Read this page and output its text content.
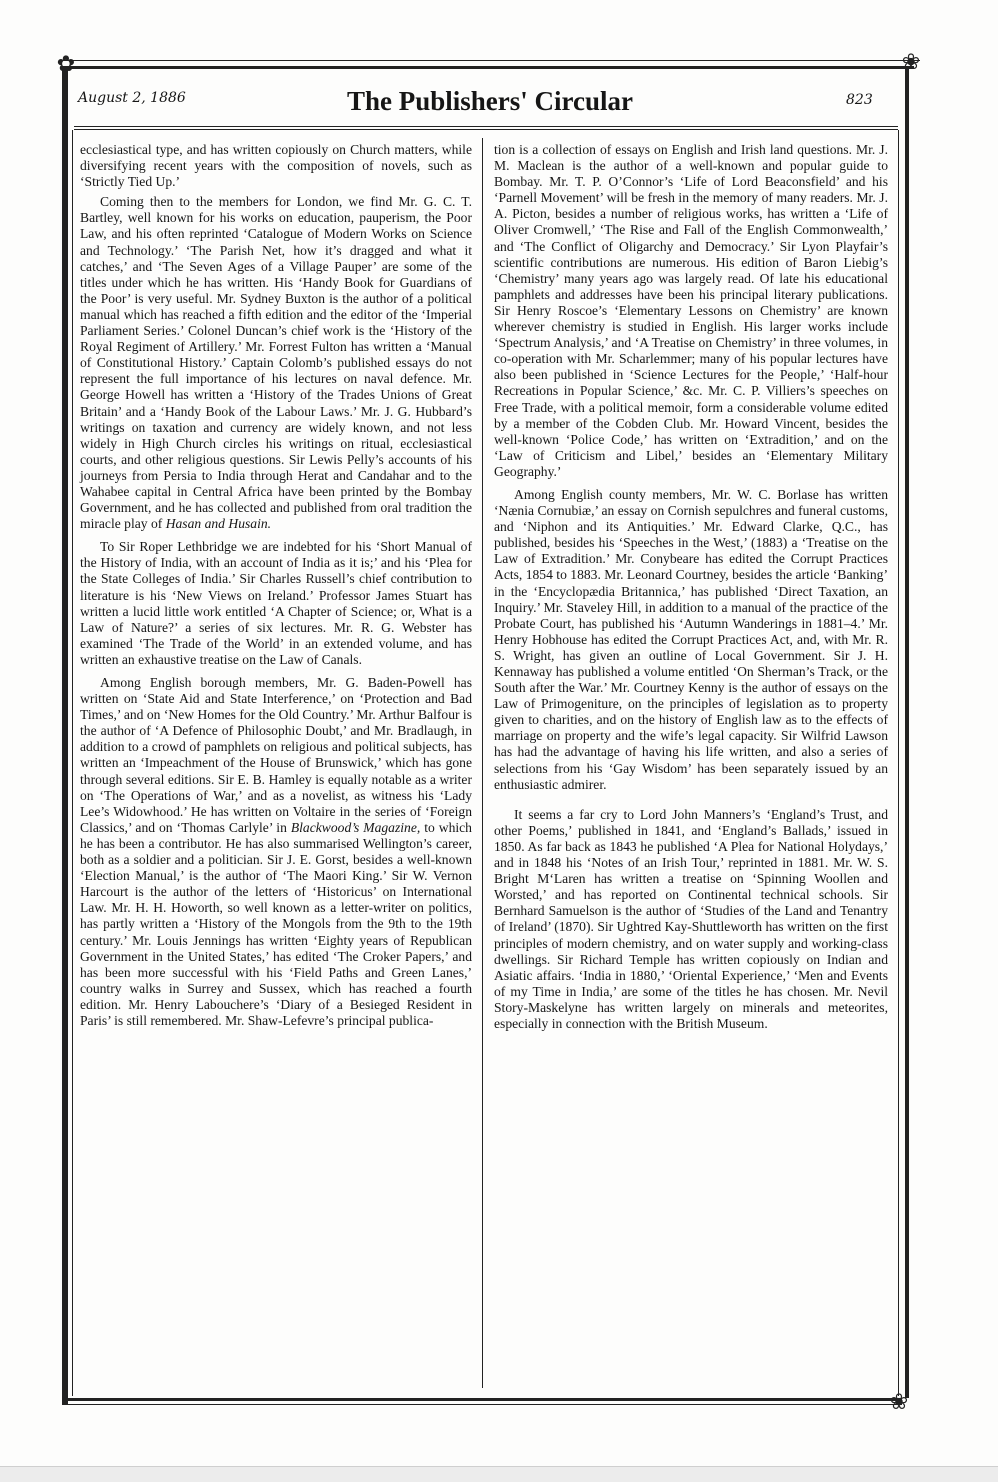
✿	❀
❀
August 2, 1886	The Publishers' Circular	823

ecclesiastical type, and has written copiously on Church matters, while diversifying recent years with the composition of novels, such as ‘Strictly Tied Up.’

Coming then to the members for London, we find Mr. G. C. T. Bartley, well known for his works on education, pauperism, the Poor Law, and his often reprinted ‘Catalogue of Modern Works on Science and Technology.’ ‘The Parish Net, how it’s dragged and what it catches,’ and ‘The Seven Ages of a Village Pauper’ are some of the titles under which he has written. His ‘Handy Book for Guardians of the Poor’ is very useful. Mr. Sydney Buxton is the author of a political manual which has reached a fifth edition and the editor of the ‘Imperial Parliament Series.’ Colonel Duncan’s chief work is the ‘History of the Royal Regiment of Artillery.’ Mr. Forrest Fulton has written a ‘Manual of Constitutional History.’ Captain Colomb’s published essays do not represent the full importance of his lectures on naval defence. Mr. George Howell has written a ‘History of the Trades Unions of Great Britain’ and a ‘Handy Book of the Labour Laws.’ Mr. J. G. Hubbard’s writings on taxation and currency are widely known, and not less widely in High Church circles his writings on ritual, ecclesiastical courts, and other religious questions. Sir Lewis Pelly’s accounts of his journeys from Persia to India through Herat and Candahar and to the Wahabee capital in Central Africa have been printed by the Bombay Government, and he has collected and published from oral tradition the miracle play of Hasan and Husain.

To Sir Roper Lethbridge we are indebted for his ‘Short Manual of the History of India, with an account of India as it is;’ and his ‘Plea for the State Colleges of India.’ Sir Charles Russell’s chief contribution to literature is his ‘New Views on Ireland.’ Professor James Stuart has written a lucid little work entitled ‘A Chapter of Science; or, What is a Law of Nature?’ a series of six lectures. Mr. R. G. Webster has examined ‘The Trade of the World’ in an extended volume, and has written an exhaustive treatise on the Law of Canals.

Among English borough members, Mr. G. Baden-Powell has written on ‘State Aid and State Interference,’ on ‘Protection and Bad Times,’ and on ‘New Homes for the Old Country.’ Mr. Arthur Balfour is the author of ‘A Defence of Philosophic Doubt,’ and Mr. Bradlaugh, in addition to a crowd of pamphlets on religious and political subjects, has written an ‘Impeachment of the House of Brunswick,’ which has gone through several editions. Sir E. B. Hamley is equally notable as a writer on ‘The Operations of War,’ and as a novelist, as witness his ‘Lady Lee’s Widowhood.’ He has written on Voltaire in the series of ‘Foreign Classics,’ and on ‘Thomas Carlyle’ in Blackwood’s Magazine, to which he has been a contributor. He has also summarised Wellington’s career, both as a soldier and a politician. Sir J. E. Gorst, besides a well-known ‘Election Manual,’ is the author of ‘The Maori King.’ Sir W. Vernon Harcourt is the author of the letters of ‘Historicus’ on International Law. Mr. H. H. Howorth, so well known as a letter-writer on politics, has partly written a ‘History of the Mongols from the 9th to the 19th century.’ Mr. Louis Jennings has written ‘Eighty years of Republican Government in the United States,’ has edited ‘The Croker Papers,’ and has been more successful with his ‘Field Paths and Green Lanes,’ country walks in Surrey and Sussex, which has reached a fourth edition. Mr. Henry Labouchere’s ‘Diary of a Besieged Resident in Paris’ is still remembered. Mr. Shaw-Lefevre’s principal publica-

tion is a collection of essays on English and Irish land questions. Mr. J. M. Maclean is the author of a well-known and popular guide to Bombay. Mr. T. P. O’Connor’s ‘Life of Lord Beaconsfield’ and his ‘Parnell Movement’ will be fresh in the memory of many readers. Mr. J. A. Picton, besides a number of religious works, has written a ‘Life of Oliver Cromwell,’ ‘The Rise and Fall of the English Commonwealth,’ and ‘The Conflict of Oligarchy and Democracy.’ Sir Lyon Playfair’s scientific contributions are numerous. His edition of Baron Liebig’s ‘Chemistry’ many years ago was largely read. Of late his educational pamphlets and addresses have been his principal literary publications. Sir Henry Roscoe’s ‘Elementary Lessons on Chemistry’ are known wherever chemistry is studied in English. His larger works include ‘Spectrum Analysis,’ and ‘A Treatise on Chemistry’ in three volumes, in co-operation with Mr. Scharlemmer; many of his popular lectures have also been published in ‘Science Lectures for the People,’ ‘Half-hour Recreations in Popular Science,’ &c. Mr. C. P. Villiers’s speeches on Free Trade, with a political memoir, form a considerable volume edited by a member of the Cobden Club. Mr. Howard Vincent, besides the well-known ‘Police Code,’ has written on ‘Extradition,’ and on the ‘Law of Criticism and Libel,’ besides an ‘Elementary Military Geography.’

Among English county members, Mr. W. C. Borlase has written ‘Nænia Cornubiæ,’ an essay on Cornish sepulchres and funeral customs, and ‘Niphon and its Antiquities.’ Mr. Edward Clarke, Q.C., has published, besides his ‘Speeches in the West,’ (1883) a ‘Treatise on the Law of Extradition.’ Mr. Conybeare has edited the Corrupt Practices Acts, 1854 to 1883. Mr. Leonard Courtney, besides the article ‘Banking’ in the ‘Encyclopædia Britannica,’ has published ‘Direct Taxation, an Inquiry.’ Mr. Staveley Hill, in addition to a manual of the practice of the Probate Court, has published his ‘Autumn Wanderings in 1881–4.’ Mr. Henry Hobhouse has edited the Corrupt Practices Act, and, with Mr. R. S. Wright, has given an outline of Local Government. Sir J. H. Kennaway has published a volume entitled ‘On Sherman’s Track, or the South after the War.’ Mr. Courtney Kenny is the author of essays on the Law of Primogeniture, on the principles of legislation as to property given to charities, and on the history of English law as to the effects of marriage on property and the wife’s legal capacity. Sir Wilfrid Lawson has had the advantage of having his life written, and also a series of selections from his ‘Gay Wisdom’ has been separately issued by an enthusiastic admirer.

It seems a far cry to Lord John Manners’s ‘England’s Trust, and other Poems,’ published in 1841, and ‘England’s Ballads,’ issued in 1850. As far back as 1843 he published ‘A Plea for National Holydays,’ and in 1848 his ‘Notes of an Irish Tour,’ reprinted in 1881. Mr. W. S. Bright M‘Laren has written a treatise on ‘Spinning Woollen and Worsted,’ and has reported on Continental technical schools. Sir Bernhard Samuelson is the author of ‘Studies of the Land and Tenantry of Ireland’ (1870). Sir Ughtred Kay-Shuttleworth has written on the first principles of modern chemistry, and on water supply and working-class dwellings. Sir Richard Temple has written copiously on Indian and Asiatic affairs. ‘India in 1880,’ ‘Oriental Experience,’ ‘Men and Events of my Time in India,’ are some of the titles he has chosen. Mr. Nevil Story-Maskelyne has written largely on minerals and meteorites, especially in connection with the British Museum.
